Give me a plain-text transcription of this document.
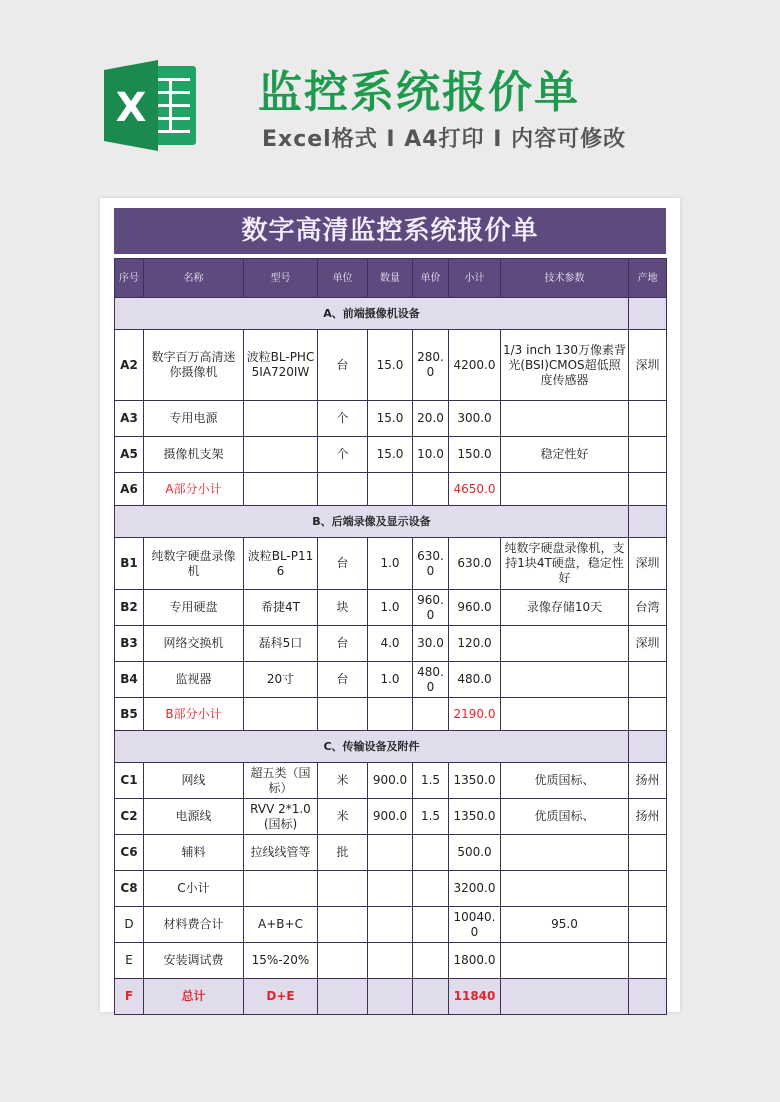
X	监控系统报价单
Excel格式 I A4打印 I 内容可修改
数字高清监控系统报价单
序号	名称	型号	单位	数量	单价	小计	技术参数	产地
A、前端摄像机设备								
A2	数字百万高清迷你摄像机	波粒BL-PHC5IA720IW	台	15.0	280.0	4200.0	1/3 inch 130万像素背光(BSI)CMOS超低照度传感器	深圳
A3	专用电源		个	15.0	20.0	300.0		
A5	摄像机支架		个	15.0	10.0	150.0	稳定性好	
A6	A部分小计					4650.0		
B、后端录像及显示设备								
B1	纯数字硬盘录像机	波粒BL-P116	台	1.0	630.0	630.0	纯数字硬盘录像机，支持1块4T硬盘，稳定性好	深圳
B2	专用硬盘	希捷4T	块	1.0	960.0	960.0	录像存储10天	台湾
B3	网络交换机	磊科5口	台	4.0	30.0	120.0		深圳
B4	监视器	20寸	台	1.0	480.0	480.0		
B5	B部分小计					2190.0		
C、传输设备及附件								
C1	网线	超五类（国标）	米	900.0	1.5	1350.0	优质国标、	扬州
C2	电源线	RVV 2*1.0(国标)	米	900.0	1.5	1350.0	优质国标、	扬州
C6	辅料	拉线线管等	批			500.0		
C8	C小计					3200.0		
D	材料费合计	A+B+C				10040.0	95.0	
E	安装调试费	15%-20%				1800.0		
F	总计	D+E				11840		
